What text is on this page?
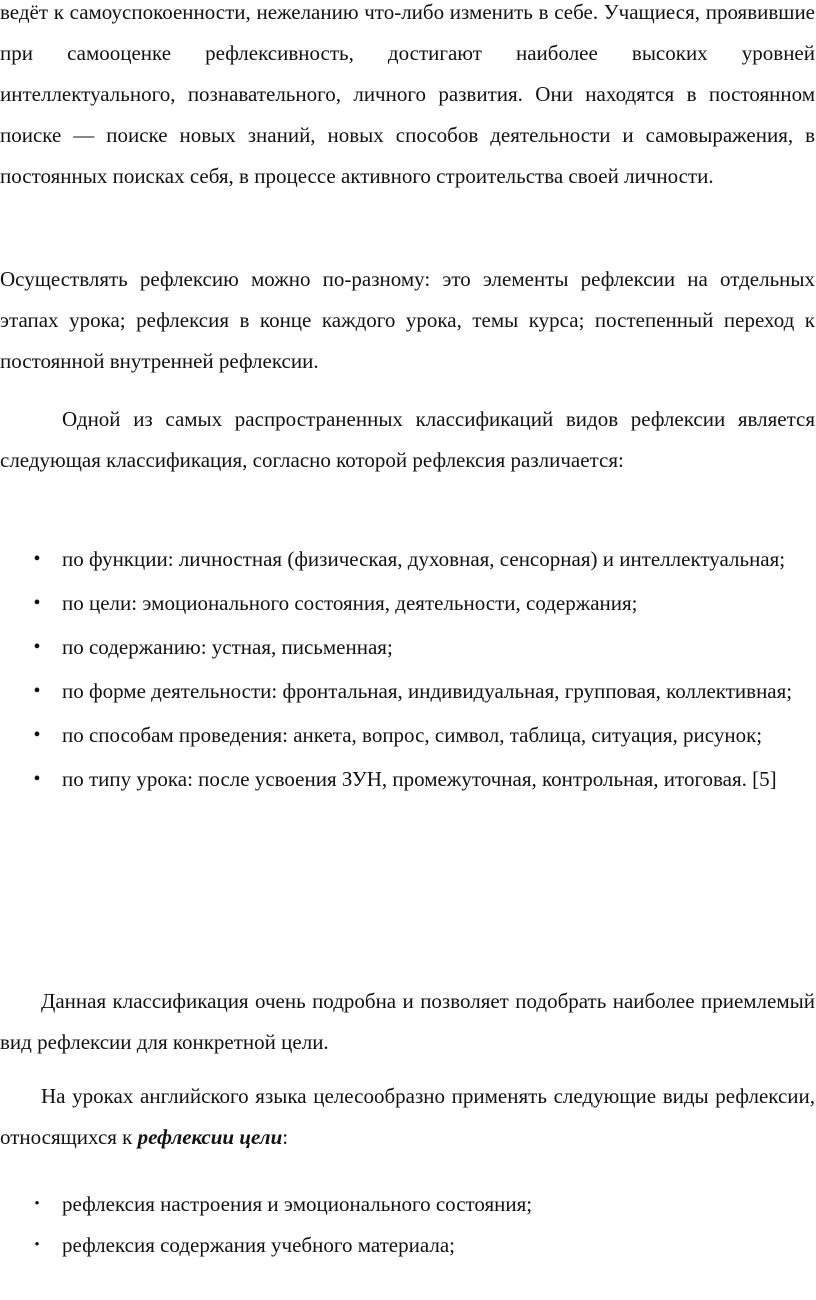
ведёт к самоуспокоенности, нежеланию что-либо изменить в себе. Учащиеся, проявившие при самооценке рефлексивность, достигают наиболее высоких уровней интеллектуального, познавательного, личного развития. Они находятся в постоянном поиске — поиске новых знаний, новых способов деятельности и самовыражения, в постоянных поисках себя, в процессе активного строительства своей личности.

Осуществлять рефлексию можно по-разному: это элементы рефлексии на отдельных этапах урока; рефлексия в конце каждого урока, темы курса; постепенный переход к постоянной внутренней рефлексии.

Одной из самых распространенных классификаций видов рефлексии является следующая классификация, согласно которой рефлексия различается:

• по функции: личностная (физическая, духовная, сенсорная) и интеллектуальная;
• по цели: эмоционального состояния, деятельности, содержания;
• по содержанию: устная, письменная;
• по форме деятельности: фронтальная, индивидуальная, групповая, коллективная;
• по способам проведения: анкета, вопрос, символ, таблица, ситуация, рисунок;
• по типу урока: после усвоения ЗУН, промежуточная, контрольная, итоговая. [5]

Данная классификация очень подробна и позволяет подобрать наиболее приемлемый вид рефлексии для конкретной цели.

На уроках английского языка целесообразно применять следующие виды рефлексии, относящихся к рефлексии цели:

• рефлексия настроения и эмоционального состояния;
• рефлексия содержания учебного материала;
